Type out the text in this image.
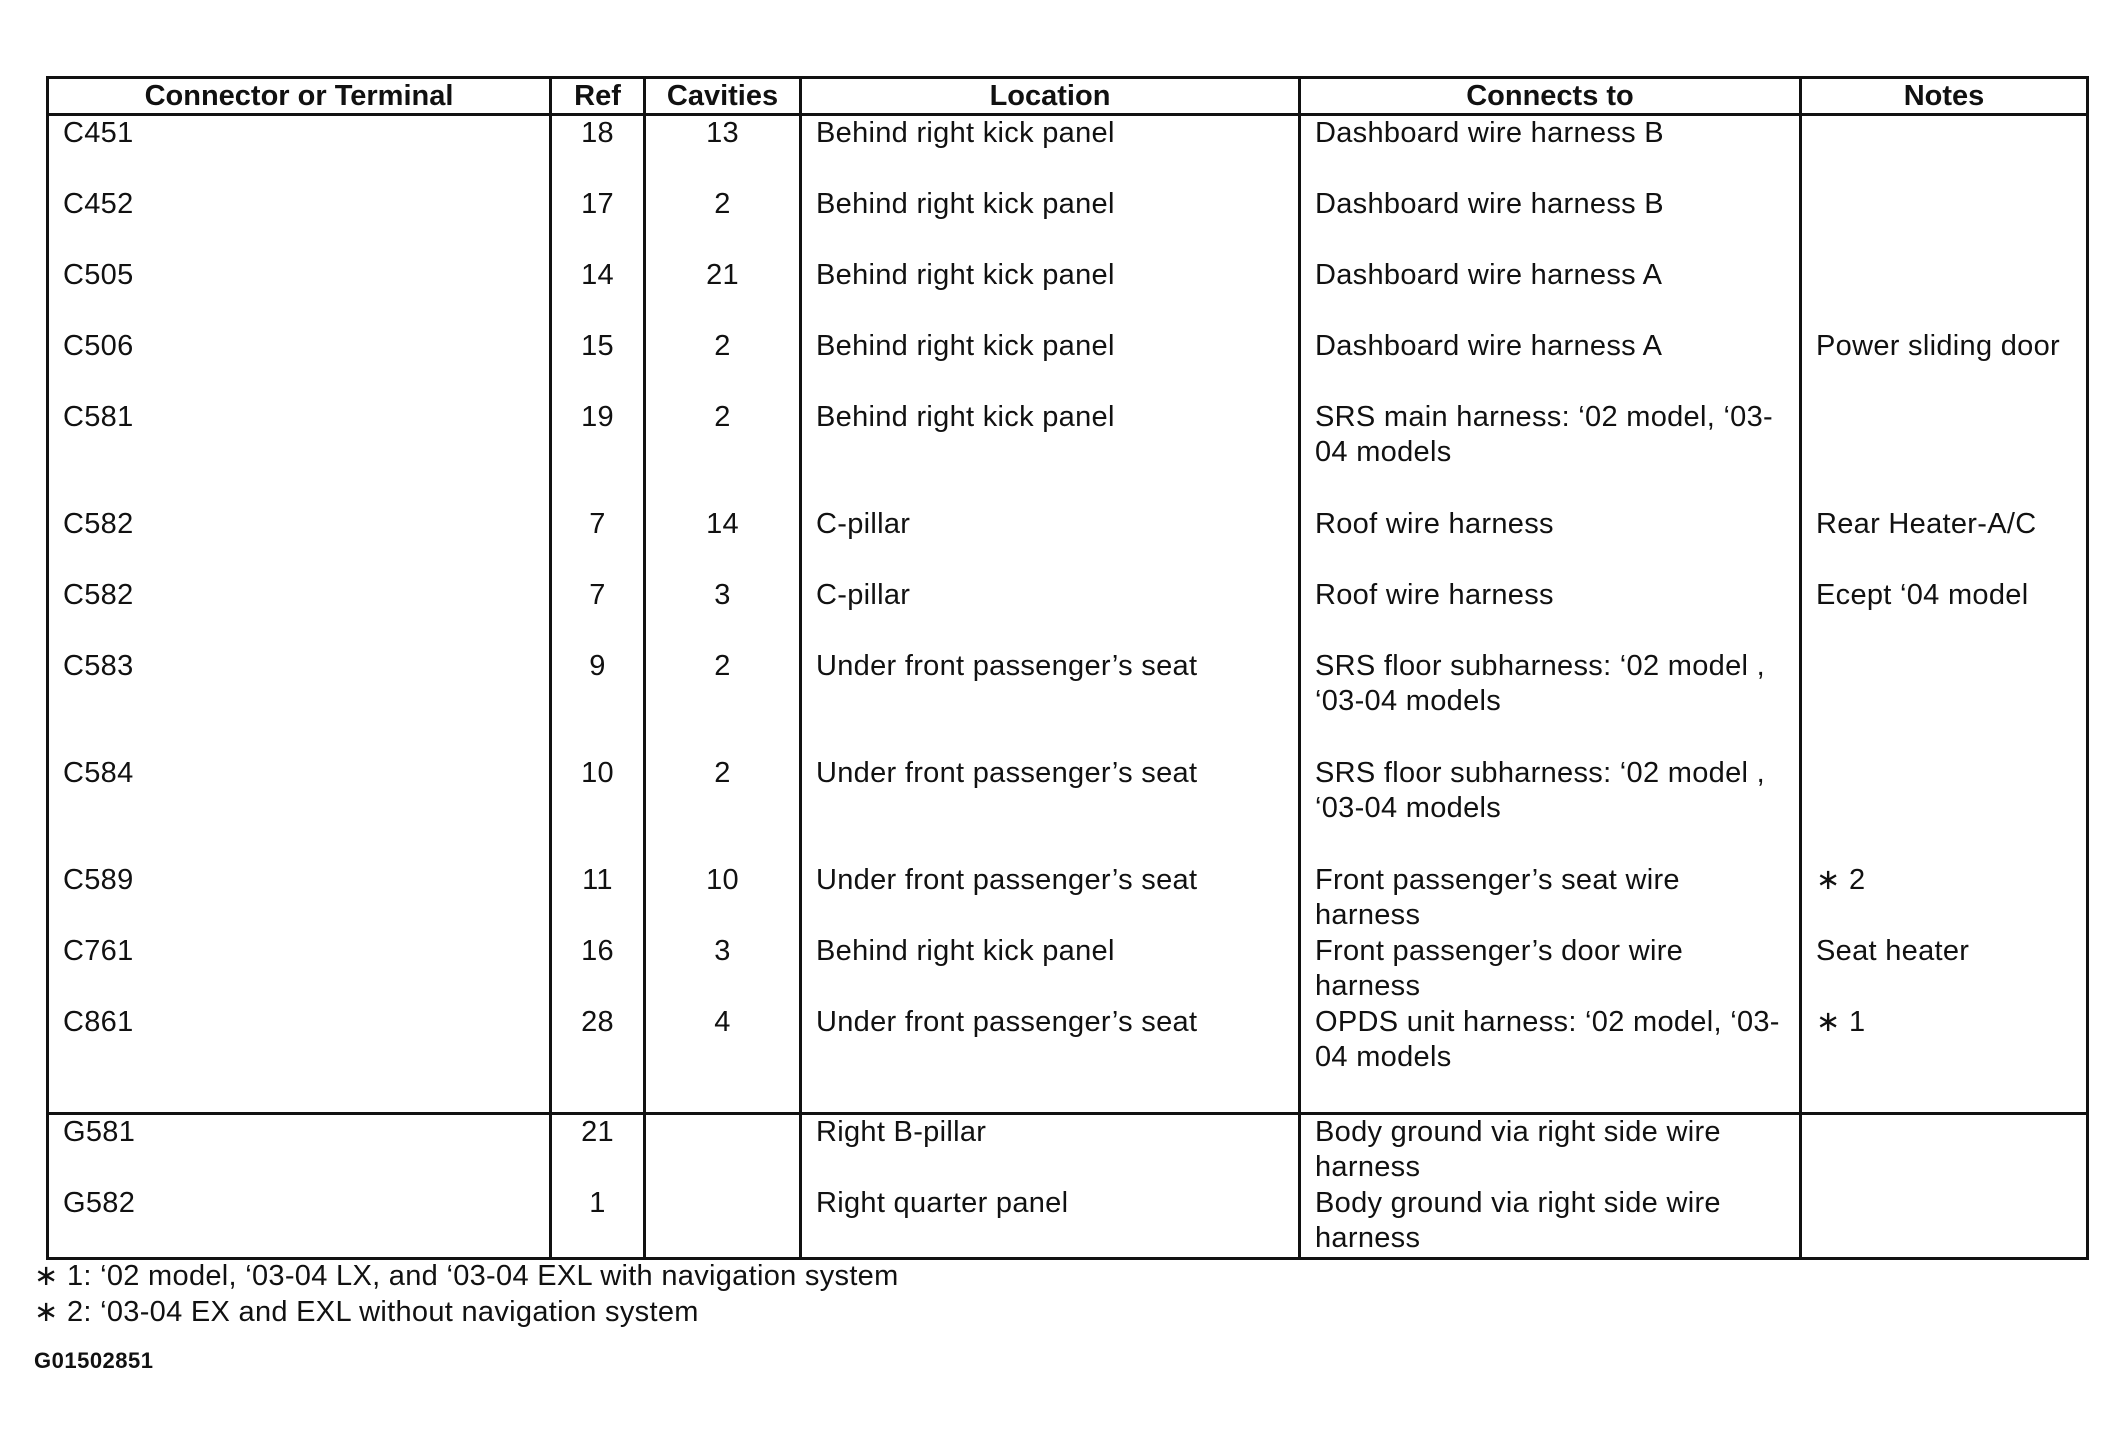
Connector or Terminal	Ref	Cavities	Location	Connects to	Notes
C451	18	13	Behind right kick panel	Dashboard wire harness B	
C452	17	2	Behind right kick panel	Dashboard wire harness B	
C505	14	21	Behind right kick panel	Dashboard wire harness A	
C506	15	2	Behind right kick panel	Dashboard wire harness A	Power sliding door
C581	19	2	Behind right kick panel	SRS main harness: ‘02 model, ‘03-04 models	
C582	7	14	C-pillar	Roof wire harness	Rear Heater-A/C
C582	7	3	C-pillar	Roof wire harness	Ecept ‘04 model
C583	9	2	Under front passenger’s seat	SRS floor subharness: ‘02 model , ‘03-04 models	
C584	10	2	Under front passenger’s seat	SRS floor subharness: ‘02 model , ‘03-04 models	
C589	11	10	Under front passenger’s seat	Front passenger’s seat wire harness	∗ 2
C761	16	3	Behind right kick panel	Front passenger’s door wire harness	Seat heater
C861	28	4	Under front passenger’s seat	OPDS unit harness: ‘02 model, ‘03-04 models	∗ 1
G581	21		Right B-pillar	Body ground via right side wire harness	
G582	1		Right quarter panel	Body ground via right side wire harness	
∗ 1: ‘02 model, ‘03-04 LX, and ‘03-04 EXL with navigation system
∗ 2: ‘03-04 EX and EXL without navigation system
G01502851
